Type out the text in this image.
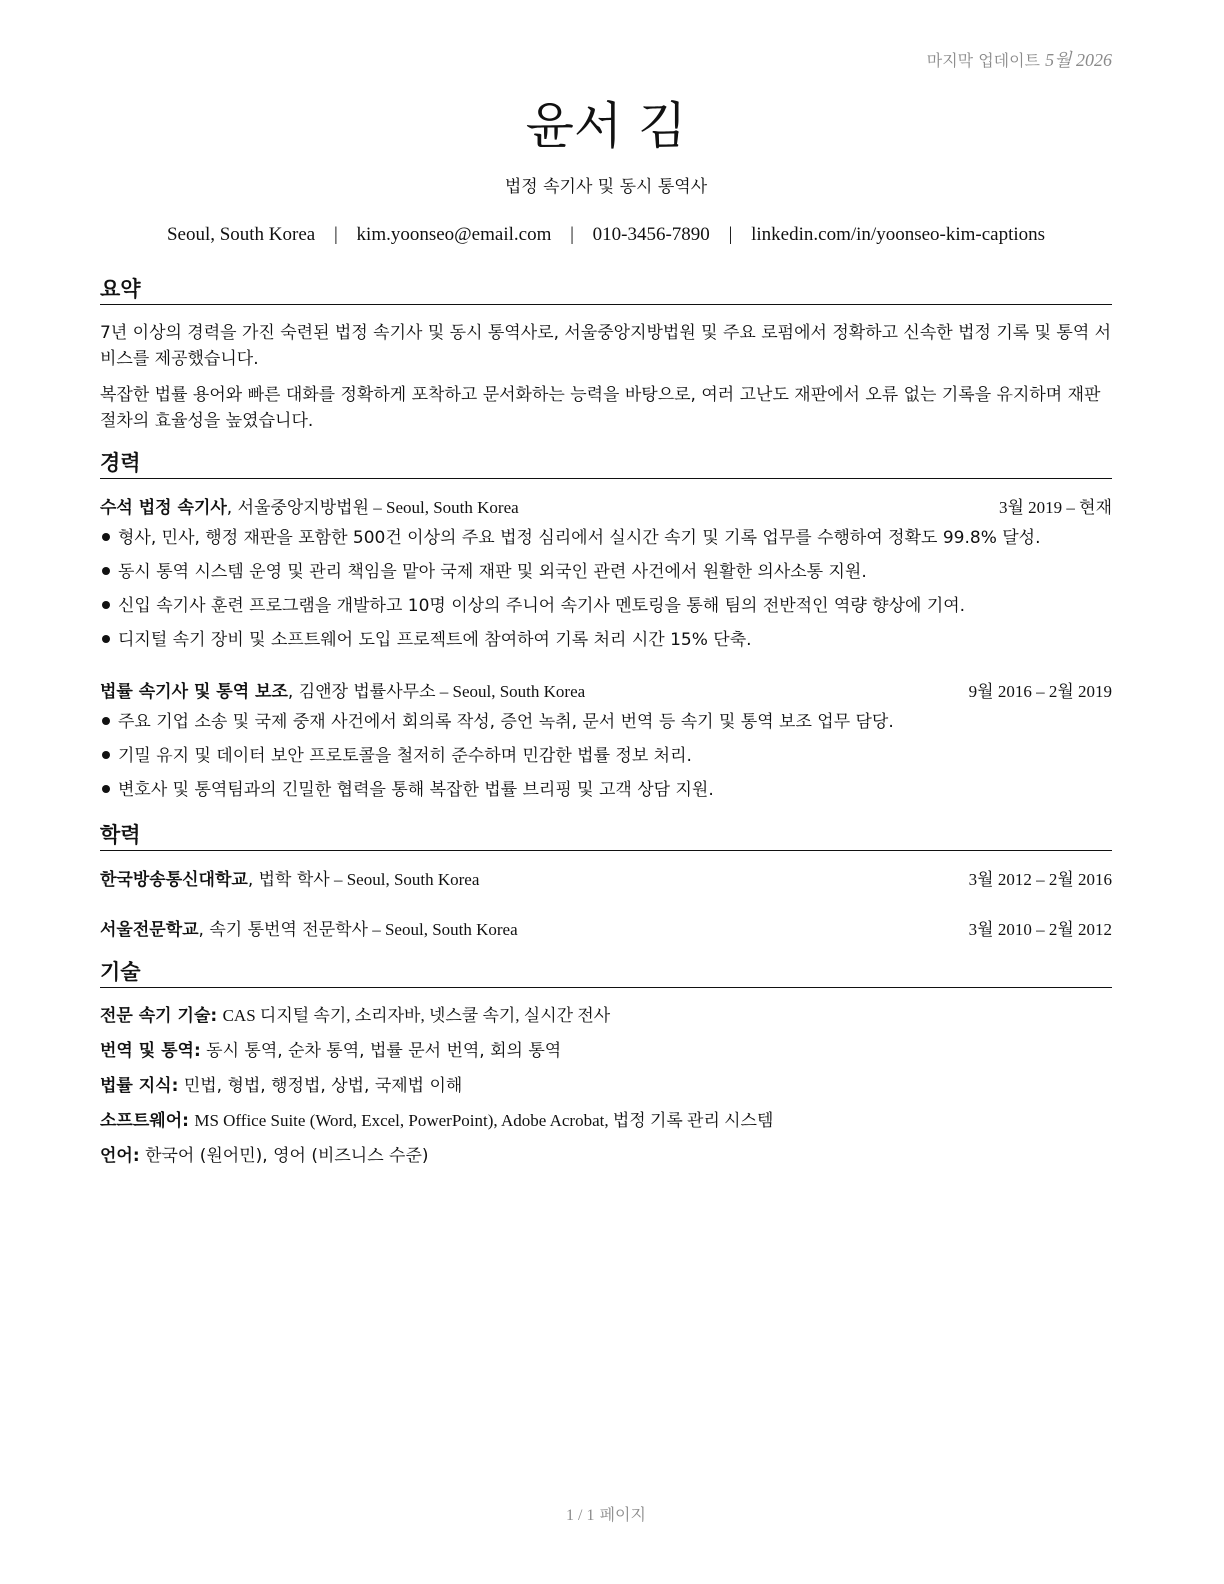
마지막 업데이트 5월 2026
윤서 김
법정 속기사 및 동시 통역사
Seoul, South Korea | kim.yoonseo@email.com | 010-3456-7890 | linkedin.com/in/yoonseo-kim-captions
요약
7년 이상의 경력을 가진 숙련된 법정 속기사 및 동시 통역사로, 서울중앙지방법원 및 주요 로펌에서 정확하고 신속한 법정 기록 및 통역 서비스를 제공했습니다.
복잡한 법률 용어와 빠른 대화를 정확하게 포착하고 문서화하는 능력을 바탕으로, 여러 고난도 재판에서 오류 없는 기록을 유지하며 재판 절차의 효율성을 높였습니다.
경력
수석 법정 속기사, 서울중앙지방법원 – Seoul, South Korea	3월 2019 – 현재
형사, 민사, 행정 재판을 포함한 500건 이상의 주요 법정 심리에서 실시간 속기 및 기록 업무를 수행하여 정확도 99.8% 달성.
동시 통역 시스템 운영 및 관리 책임을 맡아 국제 재판 및 외국인 관련 사건에서 원활한 의사소통 지원.
신입 속기사 훈련 프로그램을 개발하고 10명 이상의 주니어 속기사 멘토링을 통해 팀의 전반적인 역량 향상에 기여.
디지털 속기 장비 및 소프트웨어 도입 프로젝트에 참여하여 기록 처리 시간 15% 단축.
법률 속기사 및 통역 보조, 김앤장 법률사무소 – Seoul, South Korea	9월 2016 – 2월 2019
주요 기업 소송 및 국제 중재 사건에서 회의록 작성, 증언 녹취, 문서 번역 등 속기 및 통역 보조 업무 담당.
기밀 유지 및 데이터 보안 프로토콜을 철저히 준수하며 민감한 법률 정보 처리.
변호사 및 통역팀과의 긴밀한 협력을 통해 복잡한 법률 브리핑 및 고객 상담 지원.
학력
한국방송통신대학교, 법학 학사 – Seoul, South Korea	3월 2012 – 2월 2016
서울전문학교, 속기 통번역 전문학사 – Seoul, South Korea	3월 2010 – 2월 2012
기술
전문 속기 기술: CAS 디지털 속기, 소리자바, 넷스쿨 속기, 실시간 전사
번역 및 통역: 동시 통역, 순차 통역, 법률 문서 번역, 회의 통역
법률 지식: 민법, 형법, 행정법, 상법, 국제법 이해
소프트웨어: MS Office Suite (Word, Excel, PowerPoint), Adobe Acrobat, 법정 기록 관리 시스템
언어: 한국어 (원어민), 영어 (비즈니스 수준)
1 / 1 페이지
